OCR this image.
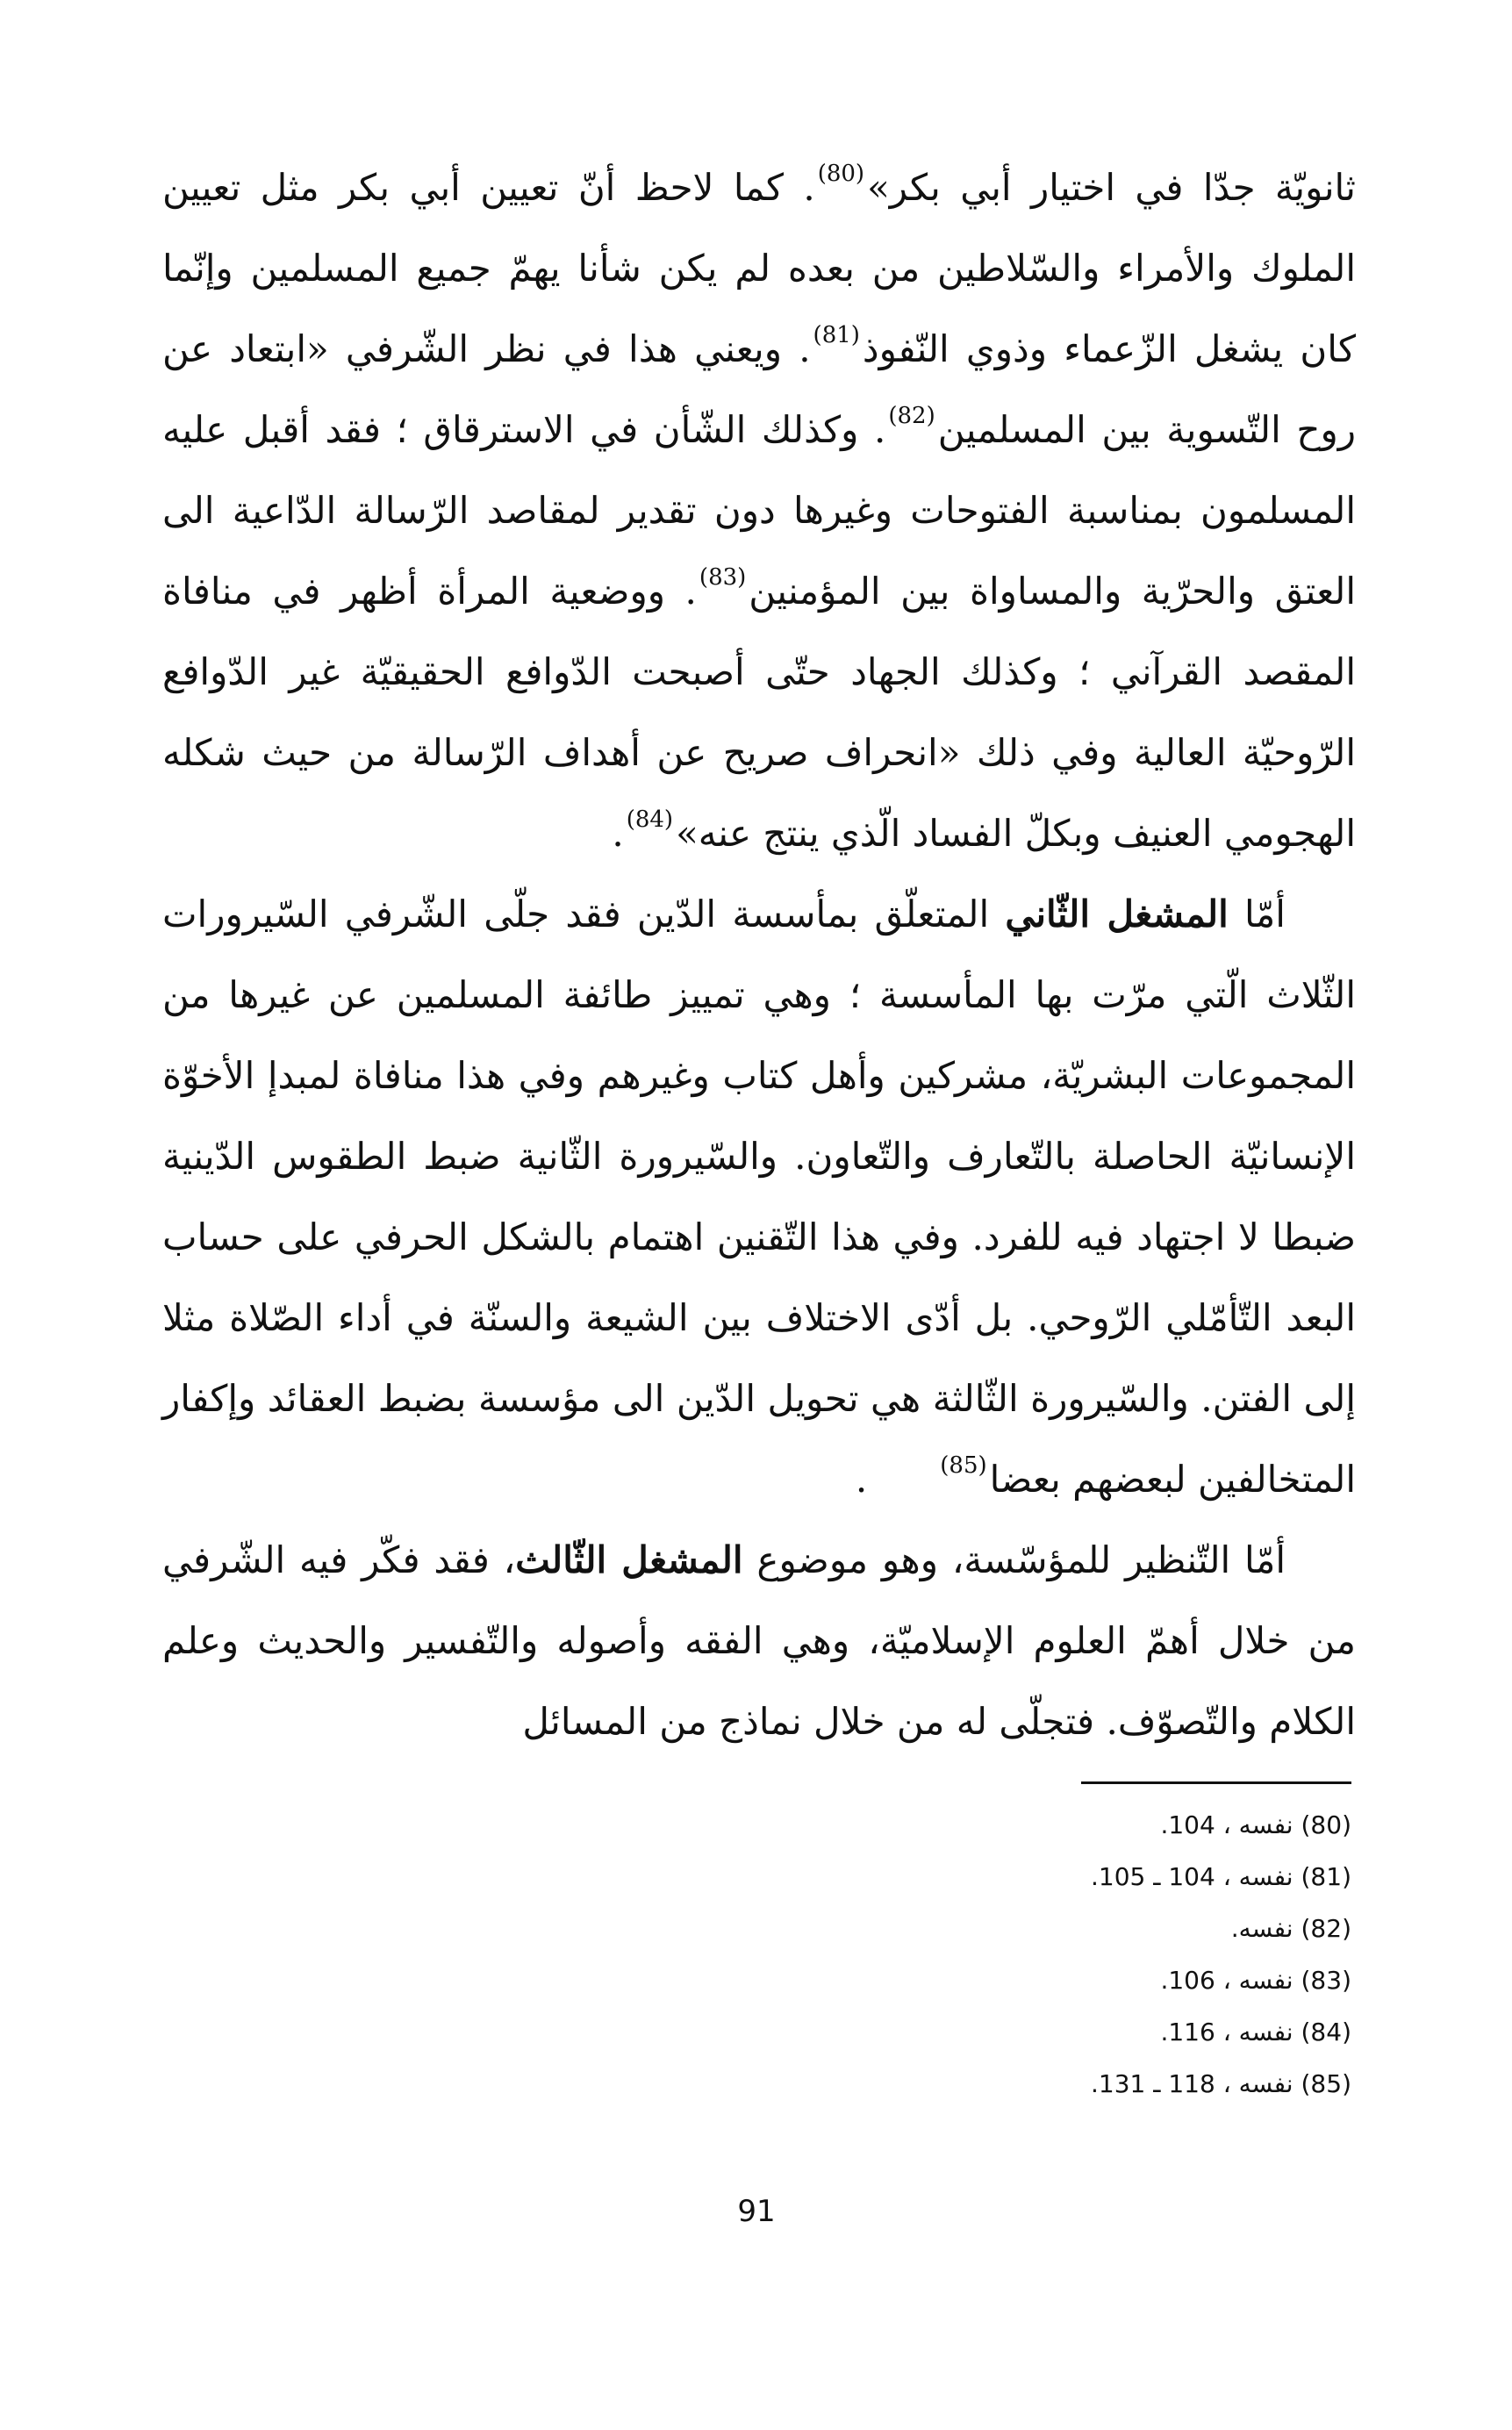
ثانويّة جدّا في اختيار أبي بكر»(80). كما لاحظ أنّ تعيين أبي بكر مثل تعيين الملوك والأمراء والسّلاطين من بعده لم يكن شأنا يهمّ جميع المسلمين وإنّما كان يشغل الزّعماء وذوي النّفوذ(81). ويعني هذا في نظر الشّرفي «ابتعاد عن روح التّسوية بين المسلمين(82). وكذلك الشّأن في الاسترقاق ؛ فقد أقبل عليه المسلمون بمناسبة الفتوحات وغيرها دون تقدير لمقاصد الرّسالة الدّاعية الى العتق والحرّية والمساواة بين المؤمنين(83). ووضعية المرأة أظهر في منافاة المقصد القرآني ؛ وكذلك الجهاد حتّى أصبحت الدّوافع الحقيقيّة غير الدّوافع الرّوحيّة العالية وفي ذلك «انحراف صريح عن أهداف الرّسالة من حيث شكله الهجومي العنيف وبكلّ الفساد الّذي ينتج عنه»(84).

أمّا المشغل الثّاني المتعلّق بمأسسة الدّين فقد جلّى الشّرفي السّيرورات الثّلاث الّتي مرّت بها المأسسة ؛ وهي تمييز طائفة المسلمين عن غيرها من المجموعات البشريّة، مشركين وأهل كتاب وغيرهم وفي هذا منافاة لمبدإ الأخوّة الإنسانيّة الحاصلة بالتّعارف والتّعاون. والسّيرورة الثّانية ضبط الطقوس الدّينية ضبطا لا اجتهاد فيه للفرد. وفي هذا التّقنين اهتمام بالشكل الحرفي على حساب البعد التّأمّلي الرّوحي. بل أدّى الاختلاف بين الشيعة والسنّة في أداء الصّلاة مثلا إلى الفتن. والسّيرورة الثّالثة هي تحويل الدّين الى مؤسسة بضبط العقائد وإكفار المتخالفين لبعضهم بعضا(85).

أمّا التّنظير للمؤسّسة، وهو موضوع المشغل الثّالث، فقد فكّر فيه الشّرفي من خلال أهمّ العلوم الإسلاميّة، وهي الفقه وأصوله والتّفسير والحديث وعلم الكلام والتّصوّف. فتجلّى له من خلال نماذج من المسائل

(80) نفسه ، 104.
(81) نفسه ، 104 ـ 105.
(82) نفسه.
(83) نفسه ، 106.
(84) نفسه ، 116.
(85) نفسه ، 118 ـ 131.
91
